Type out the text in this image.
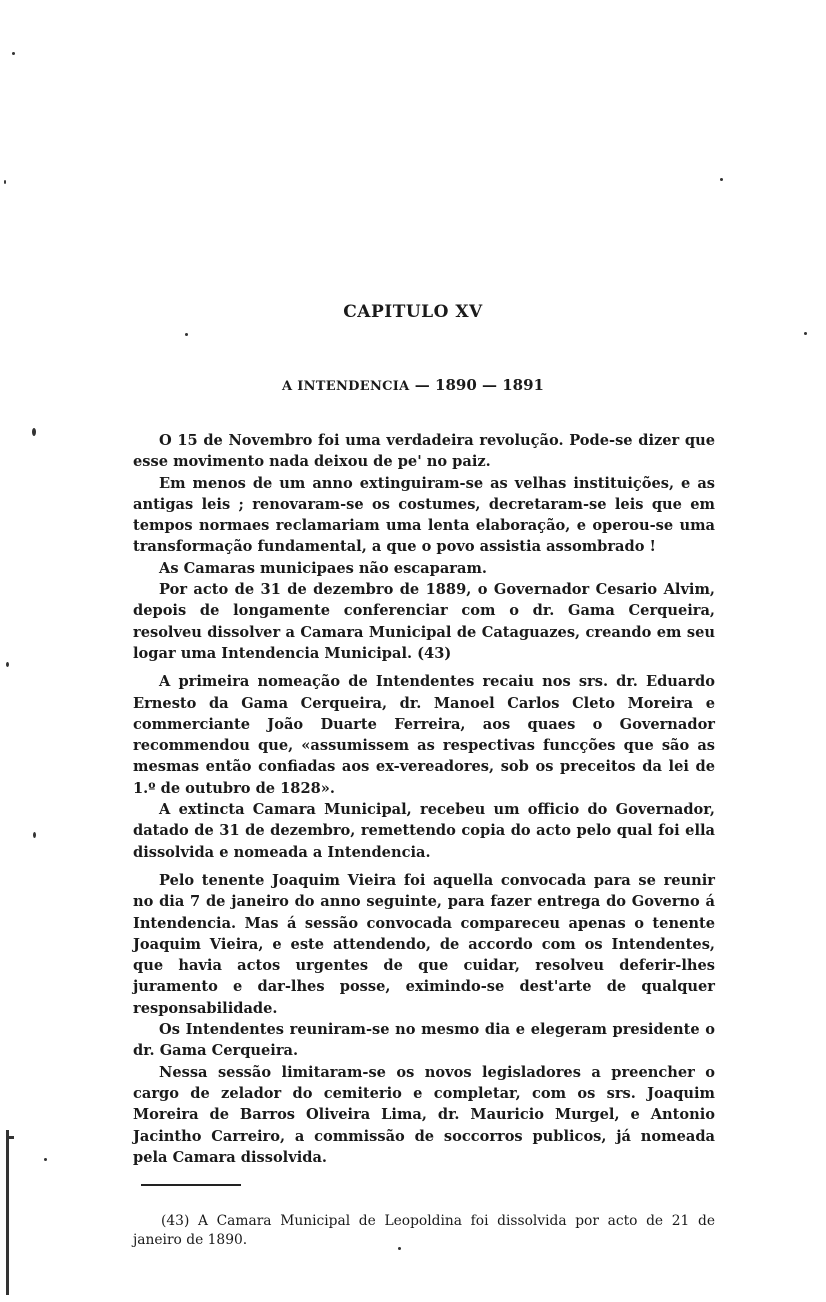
CAPITULO XV
A INTENDENCIA — 1890 — 1891

O 15 de Novembro foi uma verdadeira revolução. Pode-se dizer que esse movimento nada deixou de pe' no paiz.

Em menos de um anno extinguiram-se as velhas instituições, e as antigas leis ; renovaram-se os costumes, decretaram-se leis que em tempos normaes reclamariam uma lenta elaboração, e operou-se uma transformação fundamental, a que o povo assistia assombrado !

As Camaras municipaes não escaparam.

Por acto de 31 de dezembro de 1889, o Governador Cesario Alvim, depois de longamente conferenciar com o dr. Gama Cerqueira, resolveu dissolver a Camara Municipal de Cataguazes, creando em seu logar uma Intendencia Municipal. (43)

A primeira nomeação de Intendentes recaiu nos srs. dr. Eduardo Ernesto da Gama Cerqueira, dr. Manoel Carlos Cleto Moreira e commerciante João Duarte Ferreira, aos quaes o Governador recommendou que, «assumissem as respectivas funcções que são as mesmas então confiadas aos ex-vereadores, sob os preceitos da lei de 1.º de outubro de 1828».

A extincta Camara Municipal, recebeu um officio do Governador, datado de 31 de dezembro, remettendo copia do acto pelo qual foi ella dissolvida e nomeada a Intendencia.

Pelo tenente Joaquim Vieira foi aquella convocada para se reunir no dia 7 de janeiro do anno seguinte, para fazer entrega do Governo á Intendencia. Mas á sessão convocada compareceu apenas o tenente Joaquim Vieira, e este attendendo, de accordo com os Intendentes, que havia actos urgentes de que cuidar, resolveu deferir-lhes juramento e dar-lhes posse, eximindo-se dest'arte de qualquer responsabilidade.

Os Intendentes reuniram-se no mesmo dia e elegeram presidente o dr. Gama Cerqueira.

Nessa sessão limitaram-se os novos legisladores a preencher o cargo de zelador do cemiterio e completar, com os srs. Joaquim Moreira de Barros Oliveira Lima, dr. Mauricio Murgel, e Antonio Jacintho Carreiro, a commissão de soccorros publicos, já nomeada pela Camara dissolvida.

(43) A Camara Municipal de Leopoldina foi dissolvida por acto de 21 de janeiro de 1890.
